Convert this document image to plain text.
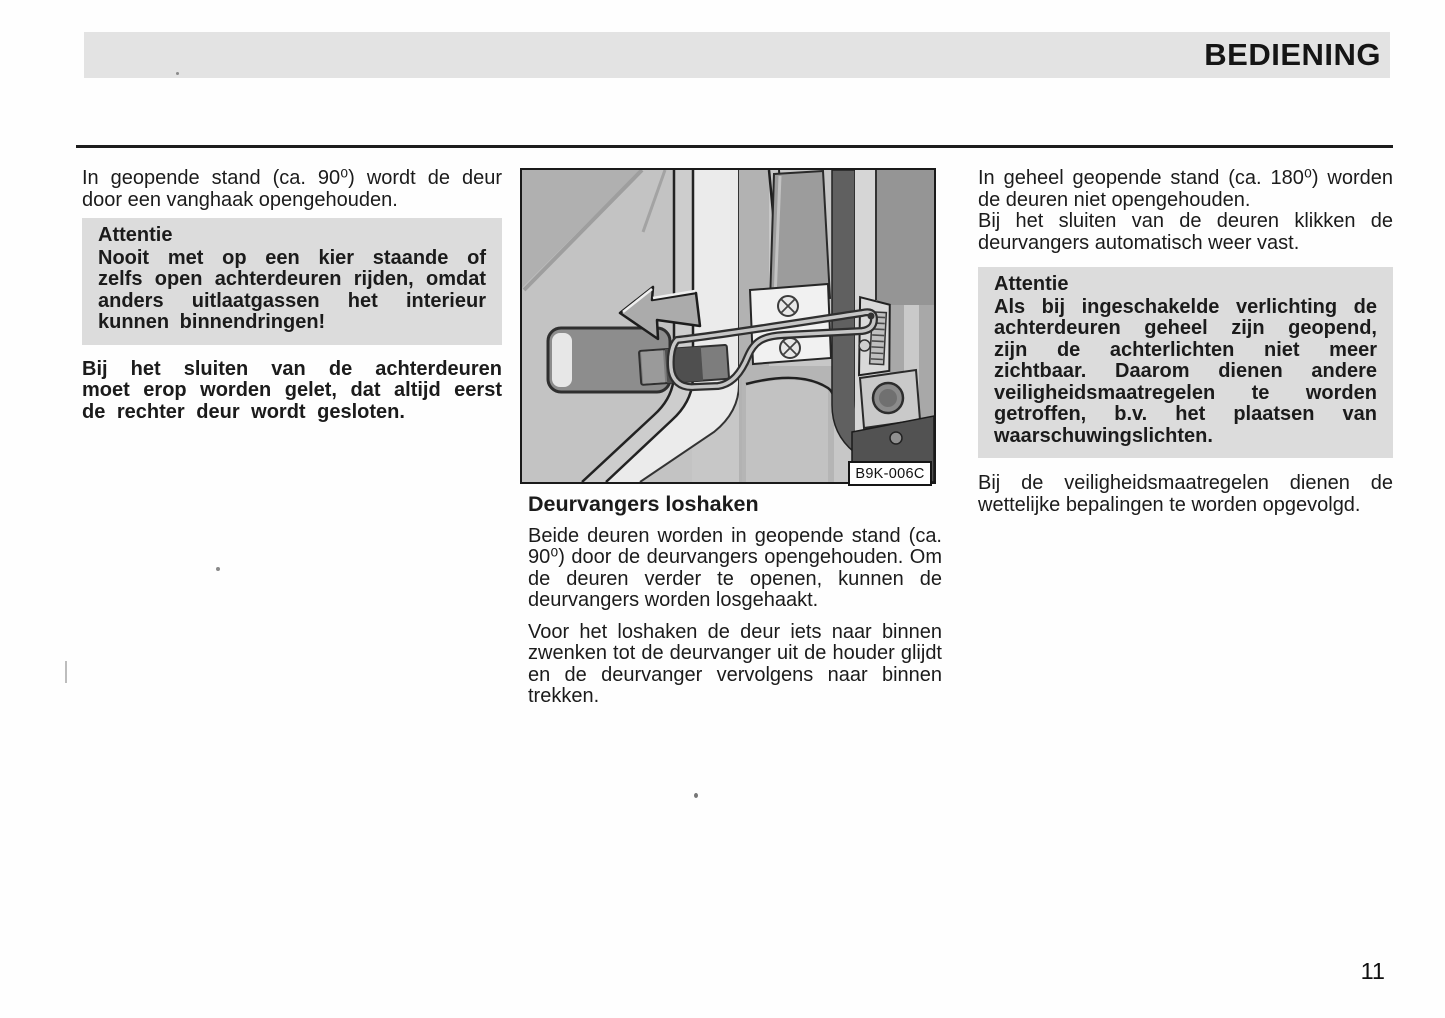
BEDIENING

In geopende stand (ca. 90⁰) wordt de deur door een vanghaak opengehouden.

Attentie

Nooit met op een kier staande of zelfs open achterdeuren rijden, omdat anders uitlaatgassen het interieur kunnen binnendringen!

Bij het sluiten van de achterdeuren moet erop worden gelet, dat altijd eerst de rechter deur wordt gesloten.

B9K-006C

Deurvangers loshaken

Beide deuren worden in geopende stand (ca. 90⁰) door de deurvangers opengehouden. Om de deuren verder te openen, kunnen de deurvangers worden losgehaakt.

Voor het loshaken de deur iets naar binnen zwenken tot de deurvanger uit de houder glijdt en de deurvanger vervolgens naar binnen trekken.

In geheel geopende stand (ca. 180⁰) worden de deuren niet opengehouden.

Bij het sluiten van de deuren klikken de deurvangers automatisch weer vast.

Attentie

Als bij ingeschakelde verlichting de achterdeuren geheel zijn geopend, zijn de achterlichten niet meer zichtbaar. Daarom dienen andere veiligheidsmaatregelen te worden getroffen, b.v. het plaatsen van waarschuwingslichten.

Bij de veiligheidsmaatregelen dienen de wettelijke bepalingen te worden opgevolgd.

11
